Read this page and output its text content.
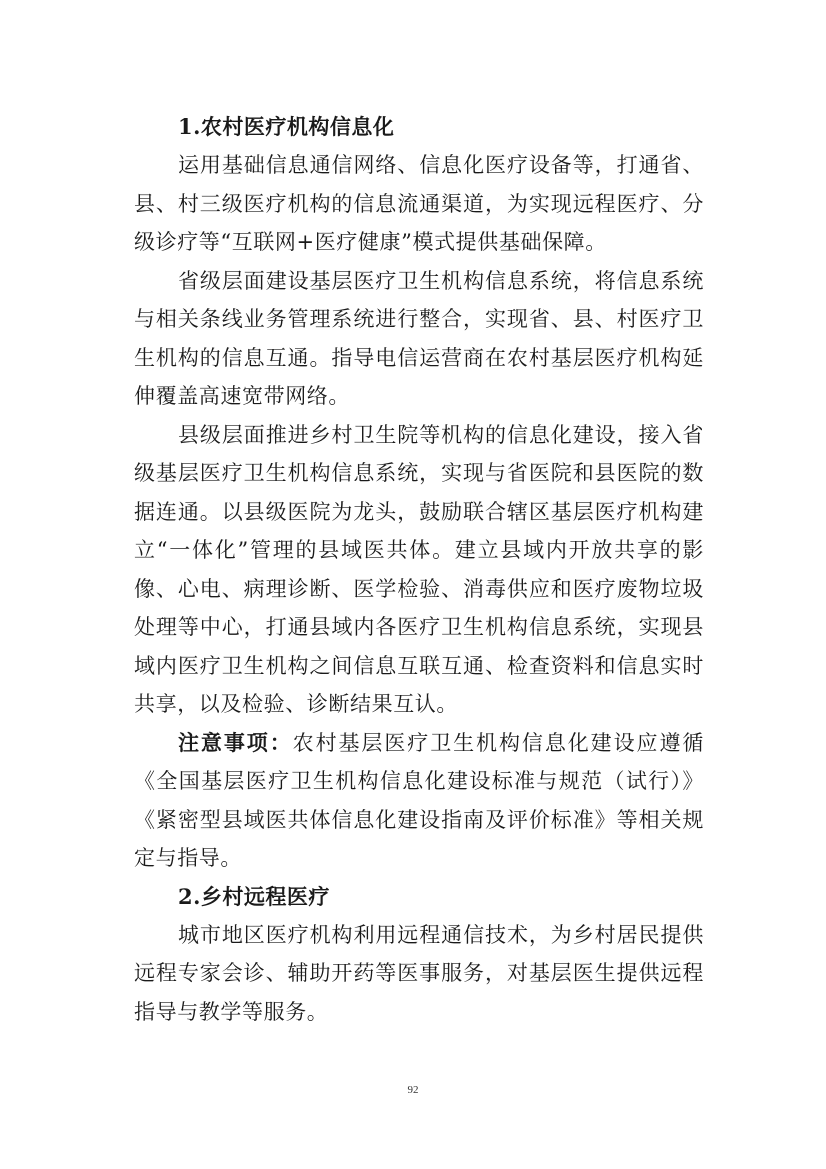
1.农村医疗机构信息化

运用基础信息通信网络、信息化医疗设备等，打通省、县、村三级医疗机构的信息流通渠道，为实现远程医疗、分级诊疗等“互联网+医疗健康”模式提供基础保障。

省级层面建设基层医疗卫生机构信息系统，将信息系统与相关条线业务管理系统进行整合，实现省、县、村医疗卫生机构的信息互通。指导电信运营商在农村基层医疗机构延伸覆盖高速宽带网络。

县级层面推进乡村卫生院等机构的信息化建设，接入省级基层医疗卫生机构信息系统，实现与省医院和县医院的数据连通。以县级医院为龙头，鼓励联合辖区基层医疗机构建立“一体化”管理的县域医共体。建立县域内开放共享的影像、心电、病理诊断、医学检验、消毒供应和医疗废物垃圾处理等中心，打通县域内各医疗卫生机构信息系统，实现县域内医疗卫生机构之间信息互联互通、检查资料和信息实时共享，以及检验、诊断结果互认。

注意事项：农村基层医疗卫生机构信息化建设应遵循《全国基层医疗卫生机构信息化建设标准与规范（试行）》《紧密型县域医共体信息化建设指南及评价标准》等相关规定与指导。

2.乡村远程医疗

城市地区医疗机构利用远程通信技术，为乡村居民提供远程专家会诊、辅助开药等医事服务，对基层医生提供远程指导与教学等服务。

92
